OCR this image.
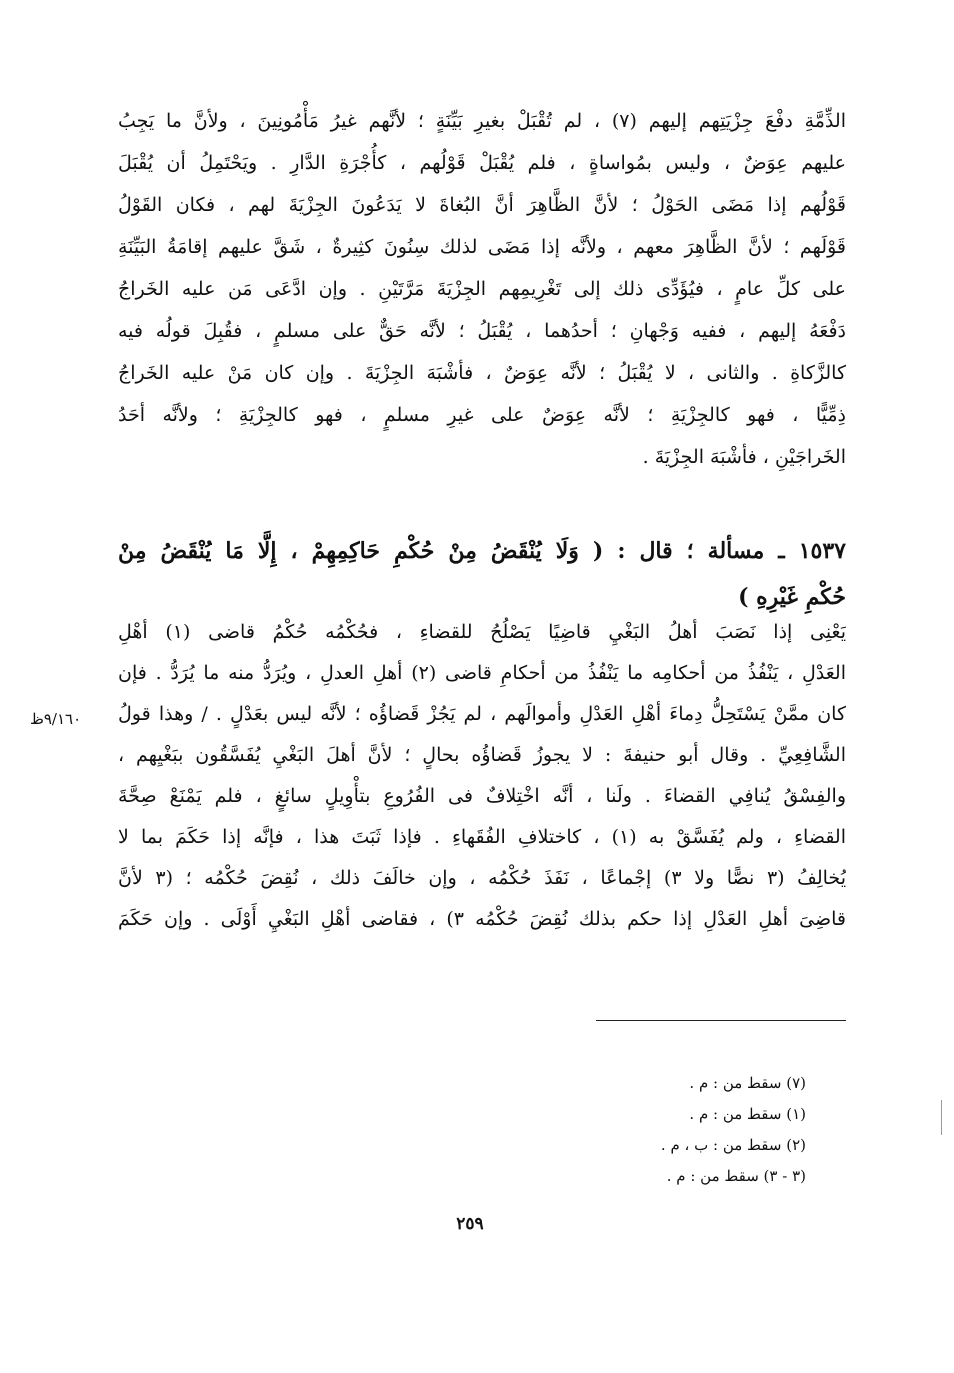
الذِّمَّةِ دفْعَ جِزْيَتِهم إليهم (٧) ، لم تُقْبَلْ بغيرِ بَيِّنَةٍ ؛ لأنَّهم غيرُ مَأْمُونِينَ ، ولأنَّ ما يَجِبُ
عليهم عِوَضٌ ، وليس بمُواساةٍ ، فلم يُقْبَلْ قَوْلُهم ، كأُجْرَةِ الدَّارِ . ويَحْتَمِلُ أن يُقْبَلَ
قَوْلُهم إذا مَضَى الحَوْلُ ؛ لأنَّ الظَّاهِرَ أنَّ البُغاةَ لا يَدَعُونَ الجِزْيَةَ لهم ، فكان القَوْلُ
قَوْلَهم ؛ لأنَّ الظَّاهِرَ معهم ، ولأنَّه إذا مَضَى لذلك سِنُونَ كثِيرةٌ ، شَقَّ عليهم إقامَةُ البَيِّنَةِ
على كلِّ عامٍ ، فيُؤَدِّى ذلك إلى تَغْرِيمِهم الجِزْيَةَ مَرَّتَيْنِ . وإن ادَّعَى مَن عليه الخَراجُ
دَفْعَهُ إليهم ، ففيه وَجْهانِ ؛ أحدُهما ، يُقْبَلُ ؛ لأنَّه حَقٌّ على مسلمٍ ، فقُبِلَ قولُه فيه
كالزَّكاةِ . والثانى ، لا يُقْبَلُ ؛ لأنَّه عِوَضٌ ، فأشْبَهَ الجِزْيَةَ . وإن كان مَنْ عليه الخَراجُ
ذِمِّيًّا ، فهو كالجِزْيَةِ ؛ لأنَّه عِوَضٌ على غيرِ مسلمٍ ، فهو كالجِزْيَةِ ؛ ولأنَّه أحَدُ
الخَراجَيْنِ ، فأشْبَهَ الجِزْيَةَ .
١٥٣٧ ـ مسألة ؛ قال : ( وَلَا يُنْقَضُ مِنْ حُكْمِ حَاكِمِهِمْ ، إِلَّا مَا يُنْقَضُ مِنْ
حُكْمِ غَيْرِهِ )
يَعْنِى إذا نَصَبَ أهلُ البَغْيِ قاضِيًا يَصْلُحُ للقضاءِ ، فحُكْمُه حُكْمُ قاضى (١) أهْلِ
العَدْلِ ، يَنْفُذُ من أحكامِه ما يَنْفُذُ من أحكامِ قاضى (٢) أهلِ العدلِ ، ويُرَدُّ منه ما يُرَدُّ . فإن
كان ممَّنْ يَسْتَحِلُّ دِماءَ أهْلِ العَدْلِ وأموالَهم ، لم يَجُزْ قَضاؤُه ؛ لأنَّه ليس بعَدْلٍ . / وهذا قولُ
الشَّافِعِيِّ . وقال أبو حنيفةَ : لا يجوزُ قَضاؤُه بحالٍ ؛ لأنَّ أهلَ البَغْيِ يُفَسَّقُون ببَغْيِهم ،
والفِسْقُ يُنافِي القضاءَ . ولَنا ، أنَّه اخْتِلافٌ فى الفُرُوعِ بتأْوِيلٍ سائغٍ ، فلم يَمْنَعْ صِحَّةَ
القضاءِ ، ولم يُفَسَّقْ به (١) ، كاختلافِ الفُقَهاءِ . فإذا ثَبَتَ هذا ، فإنَّه إذا حَكَمَ بما لا
يُخالِفُ (٣ نصًّا ولا ٣) إجْماعًا ، نَفَذَ حُكْمُه ، وإن خالَفَ ذلك ، نُقِضَ حُكْمُه ؛ (٣ لأنَّ
قاضِىَ أهلِ العَدْلِ إذا حكم بذلك نُقِضَ حُكْمُه ٣) ، فقاضى أهْلِ البَغْيِ أَوْلَى . وإن حَكَمَ
٩/١٦٠ظ
(٧) سقط من : م .
(١) سقط من : م .
(٢) سقط من : ب ، م .
(٣ - ٣) سقط من : م .
٢٥٩
